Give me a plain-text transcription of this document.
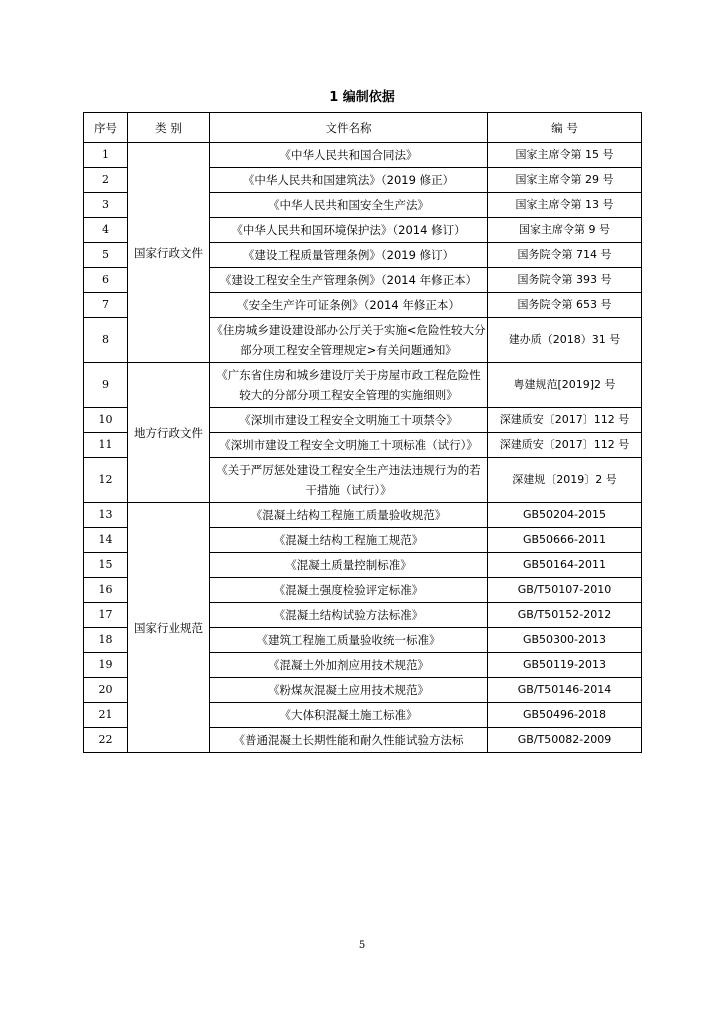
1 编制依据
序号	类 别	文件名称	编 号
1	国家行政文件	《中华人民共和国合同法》	国家主席令第 15 号
2		《中华人民共和国建筑法》（2019 修正）	国家主席令第 29 号
3		《中华人民共和国安全生产法》	国家主席令第 13 号
4		《中华人民共和国环境保护法》（2014 修订）	国家主席令第 9 号
5		《建设工程质量管理条例》（2019 修订）	国务院令第 714 号
6		《建设工程安全生产管理条例》（2014 年修正本）	国务院令第 393 号
7		《安全生产许可证条例》（2014 年修正本）	国务院令第 653 号
8		《住房城乡建设建设部办公厅关于实施<危险性较大分部分项工程安全管理规定>有关问题通知》	建办质（2018）31 号
9	地方行政文件	《广东省住房和城乡建设厅关于房屋市政工程危险性较大的分部分项工程安全管理的实施细则》	粤建规范[2019]2 号
10		《深圳市建设工程安全文明施工十项禁令》	深建质安〔2017〕112 号
11		《深圳市建设工程安全文明施工十项标准（试行）》	深建质安〔2017〕112 号
12		《关于严厉惩处建设工程安全生产违法违规行为的若干措施（试行）》	深建规〔2019〕2 号
13	国家行业规范	《混凝土结构工程施工质量验收规范》	GB50204-2015
14		《混凝土结构工程施工规范》	GB50666-2011
15		《混凝土质量控制标准》	GB50164-2011
16		《混凝土强度检验评定标准》	GB/T50107-2010
17		《混凝土结构试验方法标准》	GB/T50152-2012
18		《建筑工程施工质量验收统一标准》	GB50300-2013
19		《混凝土外加剂应用技术规范》	GB50119-2013
20		《粉煤灰混凝土应用技术规范》	GB/T50146-2014
21		《大体积混凝土施工标准》	GB50496-2018
22		《普通混凝土长期性能和耐久性能试验方法标	GB/T50082-2009
5
